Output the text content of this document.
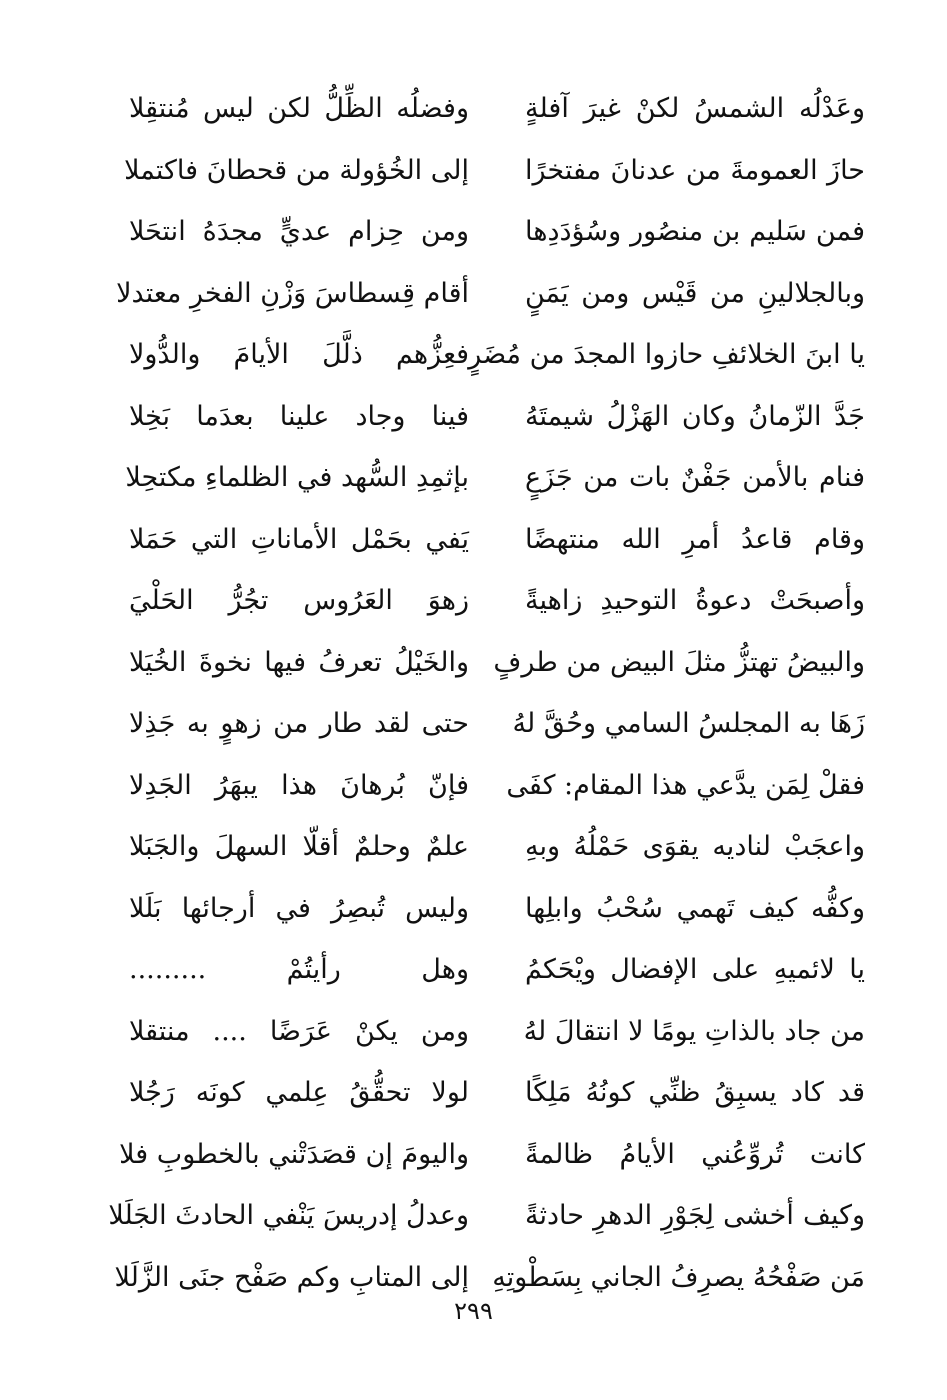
وعَدْلُه الشمسُ لكنْ غيرَ آفلةٍ
وفضلُه الظِّلُّ لكن ليس مُنتقِلا
حازَ العمومةَ من عدنانَ مفتخرًا
إلى الخُؤولة من قحطانَ فاكتملا
فمن سَليم بن منصُور وسُؤدَدِها
ومن حِزام عديٍّ مجدَهُ انتحَلا
وبالجلالينِ من قَيْس ومن يَمَنٍ
أقام قِسطاسَ وَزْنِ الفخرِ معتدلا
يا ابنَ الخلائفِ حازوا المجدَ من مُضَرٍ
فعِزُّهم ذلَّلَ الأيامَ والدُّولا
جَدَّ الزّمانُ وكان الهَزْلُ شيمتَهُ
فينا وجاد علينا بعدَما بَخِلا
فنام بالأمن جَفْنٌ بات من جَزَعٍ
بإثمِدِ السُّهد في الظلماءِ مكتحِلا
وقام قاعدُ أمرِ الله منتهضًا
يَفي بحَمْل الأماناتِ التي حَمَلا
وأصبحَتْ دعوةُ التوحيدِ زاهيةً
زهوَ العَرُوس تجُرُّ الحَلْيَ
والبيضُ تهتزُّ مثلَ البيض من طرفٍ
والخَيْلُ تعرفُ فيها نخوةَ الخُيَلا
زَهَا به المجلسُ السامي وحُقَّ لهُ
حتى لقد طار من زهوٍ به جَذِلا
فقلْ لِمَن يدَّعي هذا المقام: كفَى
فإنّ بُرهانَ هذا يبهَرُ الجَدِلا
واعجَبْ لناديه يقوَى حَمْلُهُ وبهِ
علمٌ وحلمٌ أقلّا السهلَ والجَبَلا
وكفُّه كيف تَهمي سُحْبُ وابلِها
وليس تُبصِرُ في أرجائها بَلَلا
يا لائميهِ على الإفضال ويْحَكمُ
وهل رأيتُمْ .........
من جاد بالذاتِ يومًا لا انتقالَ لهُ
ومن يكنْ عَرَضًا .... منتقلا
قد كاد يسبِقُ ظنِّي كونُهُ مَلِكًا
لولا تحقُّقُ عِلمي كونَه رَجُلا
كانت تُروِّعُني الأيامُ ظالمةً
واليومَ إن قصَدَتْني بالخطوبِ فلا
وكيف أخشى لِجَوْرِ الدهرِ حادثةً
وعدلُ إدريسَ يَنْفي الحادثَ الجَلَلا
مَن صَفْحُهُ يصرِفُ الجاني بِسَطْوتِهِ
إلى المتابِ وكم صَفْح جنَى الزَّلَلا
٢٩٩
